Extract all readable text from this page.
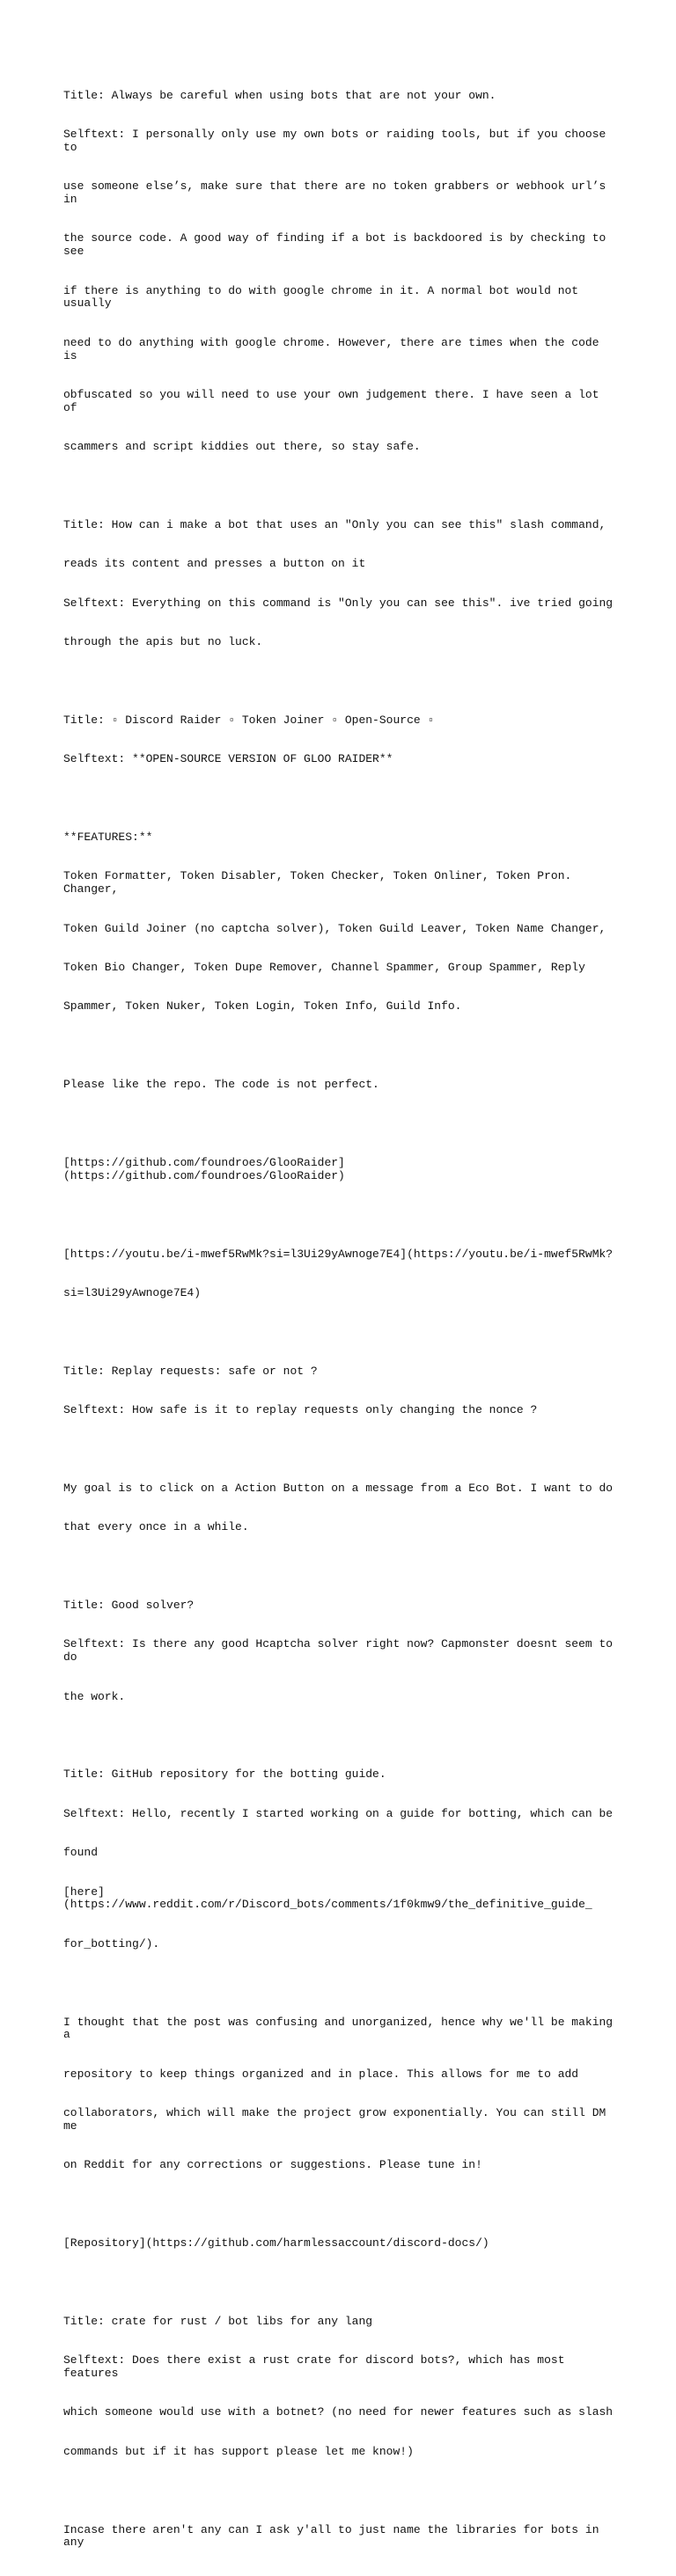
Title: Always be careful when using bots that are not your own.

Selftext: I personally only use my own bots or raiding tools, but if you choose to

use someone else’s, make sure that there are no token grabbers or webhook url’s in

the source code. A good way of finding if a bot is backdoored is by checking to see

if there is anything to do with google chrome in it. A normal bot would not usually

need to do anything with google chrome. However, there are times when the code is

obfuscated so you will need to use your own judgement there. I have seen a lot of

scammers and script kiddies out there, so stay safe.

Title: How can i make a bot that uses an "Only you can see this" slash command,

reads its content and presses a button on it

Selftext: Everything on this command is "Only you can see this". ive tried going

through the apis but no luck.

Title: ▫ Discord Raider ▫ Token Joiner ▫ Open-Source ▫

Selftext: **OPEN-SOURCE VERSION OF GLOO RAIDER**

**FEATURES:**

Token Formatter, Token Disabler, Token Checker, Token Onliner, Token Pron. Changer,

Token Guild Joiner (no captcha solver), Token Guild Leaver, Token Name Changer,

Token Bio Changer, Token Dupe Remover, Channel Spammer, Group Spammer, Reply

Spammer, Token Nuker, Token Login, Token Info, Guild Info.

Please like the repo. The code is not perfect.

[https://github.com/foundroes/GlooRaider](https://github.com/foundroes/GlooRaider)

[https://youtu.be/i-mwef5RwMk?si=l3Ui29yAwnoge7E4](https://youtu.be/i-mwef5RwMk?

si=l3Ui29yAwnoge7E4)

Title: Replay requests: safe or not ?

Selftext: How safe is it to replay requests only changing the nonce ?

My goal is to click on a Action Button on a message from a Eco Bot. I want to do

that every once in a while.

Title: Good solver?

Selftext: Is there any good Hcaptcha solver right now? Capmonster doesnt seem to do

the work.

Title: GitHub repository for the botting guide.

Selftext: Hello, recently I started working on a guide for botting, which can be

found

[here](https://www.reddit.com/r/Discord_bots/comments/1f0kmw9/the_definitive_guide_

for_botting/).

I thought that the post was confusing and unorganized, hence why we'll be making a

repository to keep things organized and in place. This allows for me to add

collaborators, which will make the project grow exponentially. You can still DM me

on Reddit for any corrections or suggestions. Please tune in!

[Repository](https://github.com/harmlessaccount/discord-docs/)

Title: crate for rust / bot libs for any lang

Selftext: Does there exist a rust crate for discord bots?, which has most features

which someone would use with a botnet? (no need for newer features such as slash

commands but if it has support please let me know!)

Incase there aren't any can I ask y'all to just name the libraries for bots in any
